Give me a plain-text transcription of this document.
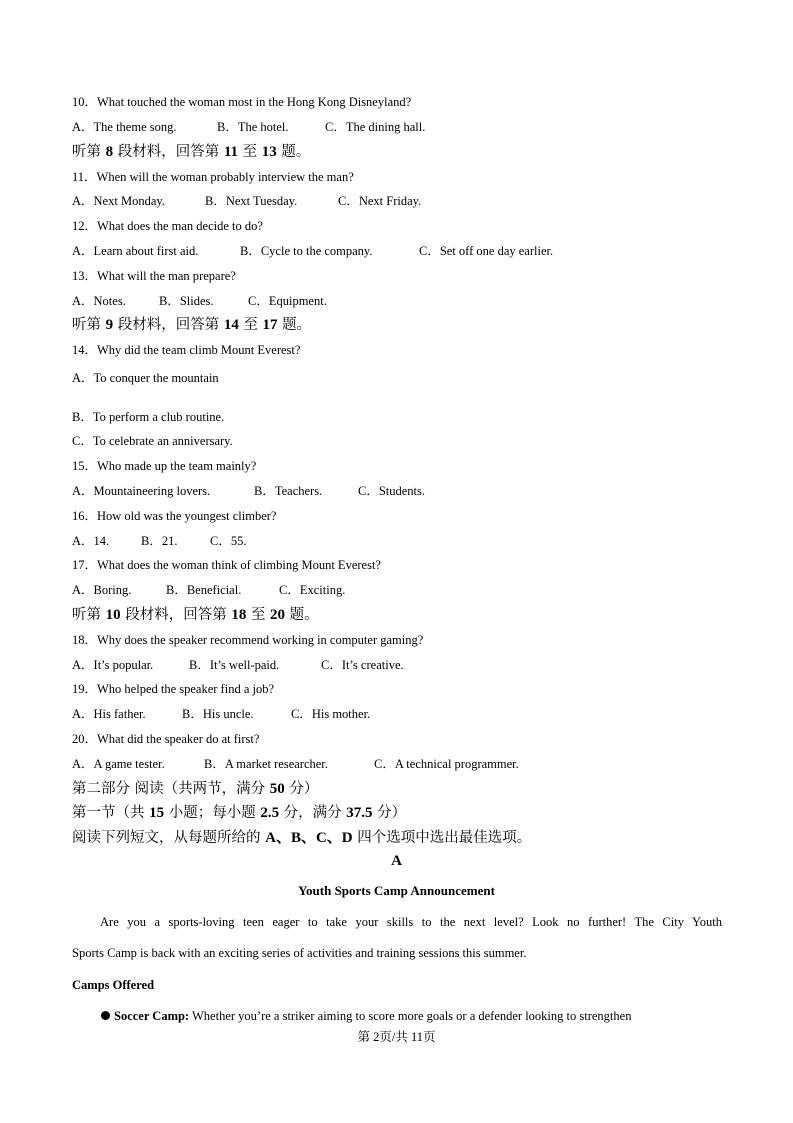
10．What touched the woman most in the Hong Kong Disneyland?
A．The theme song.	B．The hotel.	C．The dining hall.
听第 8 段材料，回答第 11 至 13 题。
11．When will the woman probably interview the man?
A．Next Monday.	B．Next Tuesday.	C．Next Friday.
12．What does the man decide to do?
A．Learn about first aid.	B．Cycle to the company.	C．Set off one day earlier.
13．What will the man prepare?
A．Notes.	B．Slides.	C．Equipment.
听第 9 段材料，回答第 14 至 17 题。
14．Why did the team climb Mount Everest?
A．To conquer the mountain
B．To perform a club routine.
C．To celebrate an anniversary.
15．Who made up the team mainly?
A．Mountaineering lovers.	B．Teachers.	C．Students.
16．How old was the youngest climber?
A．14.	B．21.	C．55.
17．What does the woman think of climbing Mount Everest?
A．Boring.	B．Beneficial.	C．Exciting.
听第 10 段材料，回答第 18 至 20 题。
18．Why does the speaker recommend working in computer gaming?
A．It’s popular.	B．It’s well-paid.	C．It’s creative.
19．Who helped the speaker find a job?
A．His father.	B．His uncle.	C．His mother.
20．What did the speaker do at first?
A．A game tester.	B．A market researcher.	C．A technical programmer.
第二部分 阅读（共两节，满分 50 分）
第一节（共 15 小题；每小题 2.5 分，满分 37.5 分）
阅读下列短文，从每题所给的 A、B、C、D 四个选项中选出最佳选项。
A
Youth Sports Camp Announcement
Are you a sports-loving teen eager to take your skills to the next level? Look no further! The City Youth
Sports Camp is back with an exciting series of activities and training sessions this summer.
Camps Offered
Soccer Camp: Whether you’re a striker aiming to score more goals or a defender looking to strengthen
第 2页/共 11页
